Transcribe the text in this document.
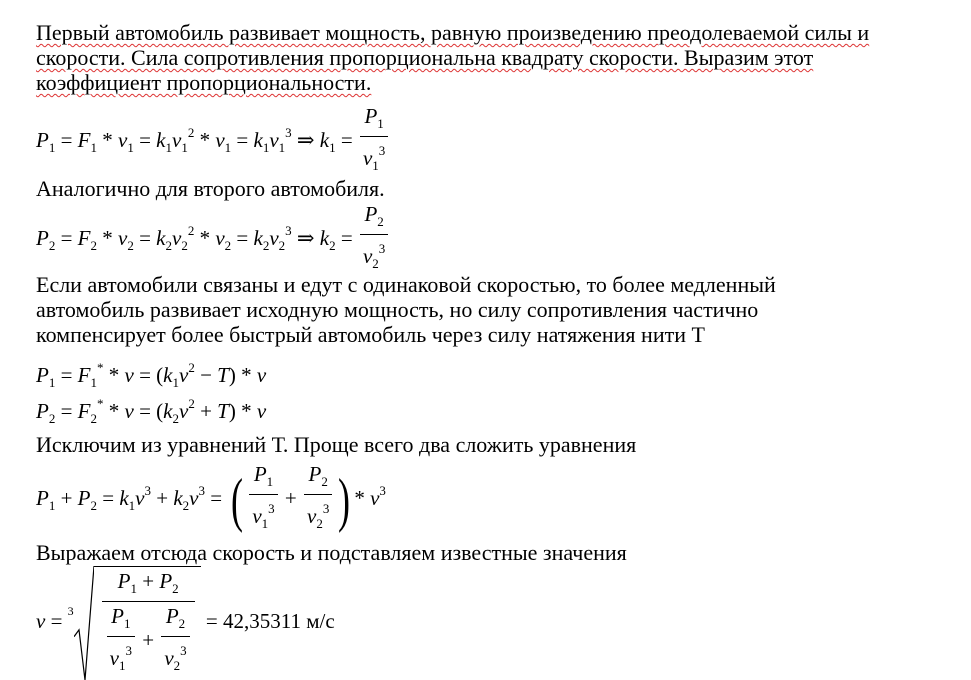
Первый автомобиль развивает мощность, равную произведению преодолеваемой силы и
скорости. Сила сопротивления пропорциональна квадрату скорости. Выразим этот
коэффициент пропорциональности.

$P_1 = F_1 * v_1 = k_1v_1^2 * v_1 = k_1v_1^3$ ⇒ $k_1 = \frac{P_1}{v_1^3}$

Аналогично для второго автомобиля.

$P_2 = F_2 * v_2 = k_2v_2^2 * v_2 = k_2v_2^3$ ⇒ $k_2 = \frac{P_2}{v_2^3}$

Если автомобили связаны и едут с одинаковой скоростью, то более медленный
автомобиль развивает исходную мощность, но силу сопротивления частично
компенсирует более быстрый автомобиль через силу натяжения нити Т

$P_1 = F_1^* * v = (k_1v^2 - T) * v$
$P_2 = F_2^* * v = (k_2v^2 + T) * v$

Исключим из уравнений Т. Проще всего два сложить уравнения

$P_1 + P_2 = k_1v^3 + k_2v^3$ = ( $\frac{P_1}{v_1^3} + \frac{P_2}{v_2^3}$ ) * $v^3$

Выражаем отсюда скорость и подставляем известные значения

$v = 3 \frac{P_1 + P_2}{\frac{P_1}{v_1^3} + \frac{P_2}{v_2^3}} = 42,35311$ м/с
